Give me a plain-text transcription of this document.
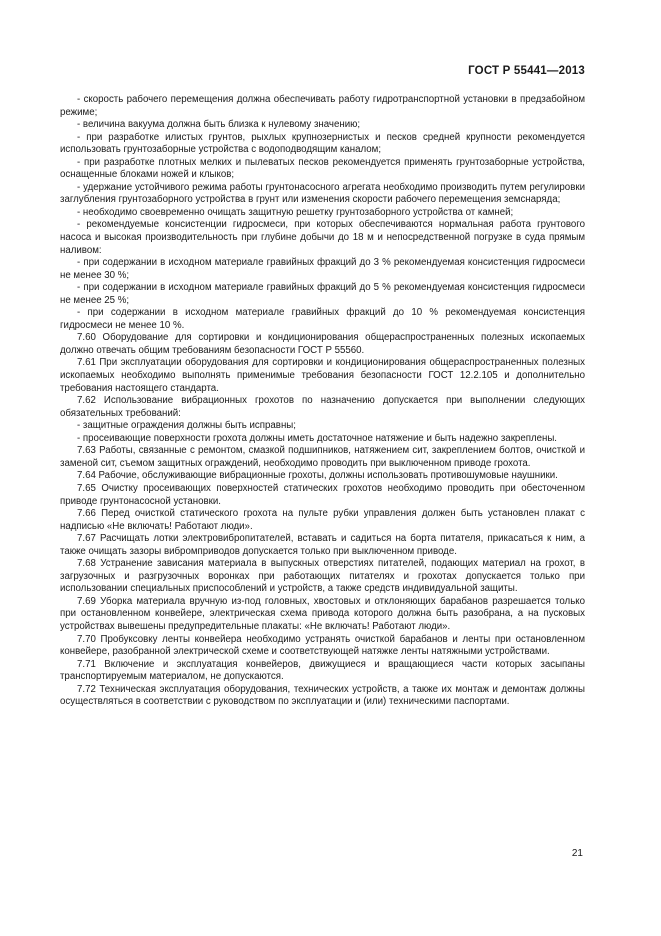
ГОСТ Р 55441—2013

- скорость рабочего перемещения должна обеспечивать работу гидротранспортной установки в предзабойном режиме;

- величина вакуума должна быть близка к нулевому значению;

- при разработке илистых грунтов, рыхлых крупнозернистых и песков средней крупности рекомендуется использовать грунтозаборные устройства с водоподводящим каналом;

- при разработке плотных мелких и пылеватых песков рекомендуется применять грунтозаборные устройства, оснащенные блоками ножей и клыков;

- удержание устойчивого режима работы грунтонасосного агрегата необходимо производить путем регулировки заглубления грунтозаборного устройства в грунт или изменения скорости рабочего перемещения земснаряда;

- необходимо своевременно очищать защитную решетку грунтозаборного устройства от камней;

- рекомендуемые консистенции гидросмеси, при которых обеспечиваются нормальная работа грунтового насоса и высокая производительность при глубине добычи до 18 м и непосредственной погрузке в суда прямым наливом:

- при содержании в исходном материале гравийных фракций до 3 % рекомендуемая консистенция гидросмеси не менее 30 %;

- при содержании в исходном материале гравийных фракций до 5 % рекомендуемая консистенция гидросмеси не менее 25 %;

- при содержании в исходном материале гравийных фракций до 10 % рекомендуемая консистенция гидросмеси не менее 10 %.

7.60 Оборудование для сортировки и кондиционирования общераспространенных полезных ископаемых должно отвечать общим требованиям безопасности ГОСТ Р 55560.

7.61 При эксплуатации оборудования для сортировки и кондиционирования общераспространенных полезных ископаемых необходимо выполнять применимые требования безопасности ГОСТ 12.2.105 и дополнительно требования настоящего стандарта.

7.62 Использование вибрационных грохотов по назначению допускается при выполнении следующих обязательных требований:

- защитные ограждения должны быть исправны;

- просеивающие поверхности грохота должны иметь достаточное натяжение и быть надежно закреплены.

7.63 Работы, связанные с ремонтом, смазкой подшипников, натяжением сит, закреплением болтов, очисткой и заменой сит, съемом защитных ограждений, необходимо проводить при выключенном приводе грохота.

7.64 Рабочие, обслуживающие вибрационные грохоты, должны использовать противошумовые наушники.

7.65 Очистку просеивающих поверхностей статических грохотов необходимо проводить при обесточенном приводе грунтонасосной установки.

7.66 Перед очисткой статического грохота на пульте рубки управления должен быть установлен плакат с надписью «Не включать! Работают люди».

7.67 Расчищать лотки электровибропитателей, вставать и садиться на борта питателя, прикасаться к ним, а также очищать зазоры вибромприводов допускается только при выключенном приводе.

7.68 Устранение зависания материала в выпускных отверстиях питателей, подающих материал на грохот, в загрузочных и разгрузочных воронках при работающих питателях и грохотах допускается только при использовании специальных приспособлений и устройств, а также средств индивидуальной защиты.

7.69 Уборка материала вручную из-под головных, хвостовых и отклоняющих барабанов разрешается только при остановленном конвейере, электрическая схема привода которого должна быть разобрана, а на пусковых устройствах вывешены предупредительные плакаты: «Не включать! Работают люди».

7.70 Пробуксовку ленты конвейера необходимо устранять очисткой барабанов и ленты при остановленном конвейере, разобранной электрической схеме и соответствующей натяжке ленты натяжными устройствами.

7.71 Включение и эксплуатация конвейеров, движущиеся и вращающиеся части которых засыпаны транспортируемым материалом, не допускаются.

7.72 Техническая эксплуатация оборудования, технических устройств, а также их монтаж и демонтаж должны осуществляться в соответствии с руководством по эксплуатации и (или) техническими паспортами.

21
